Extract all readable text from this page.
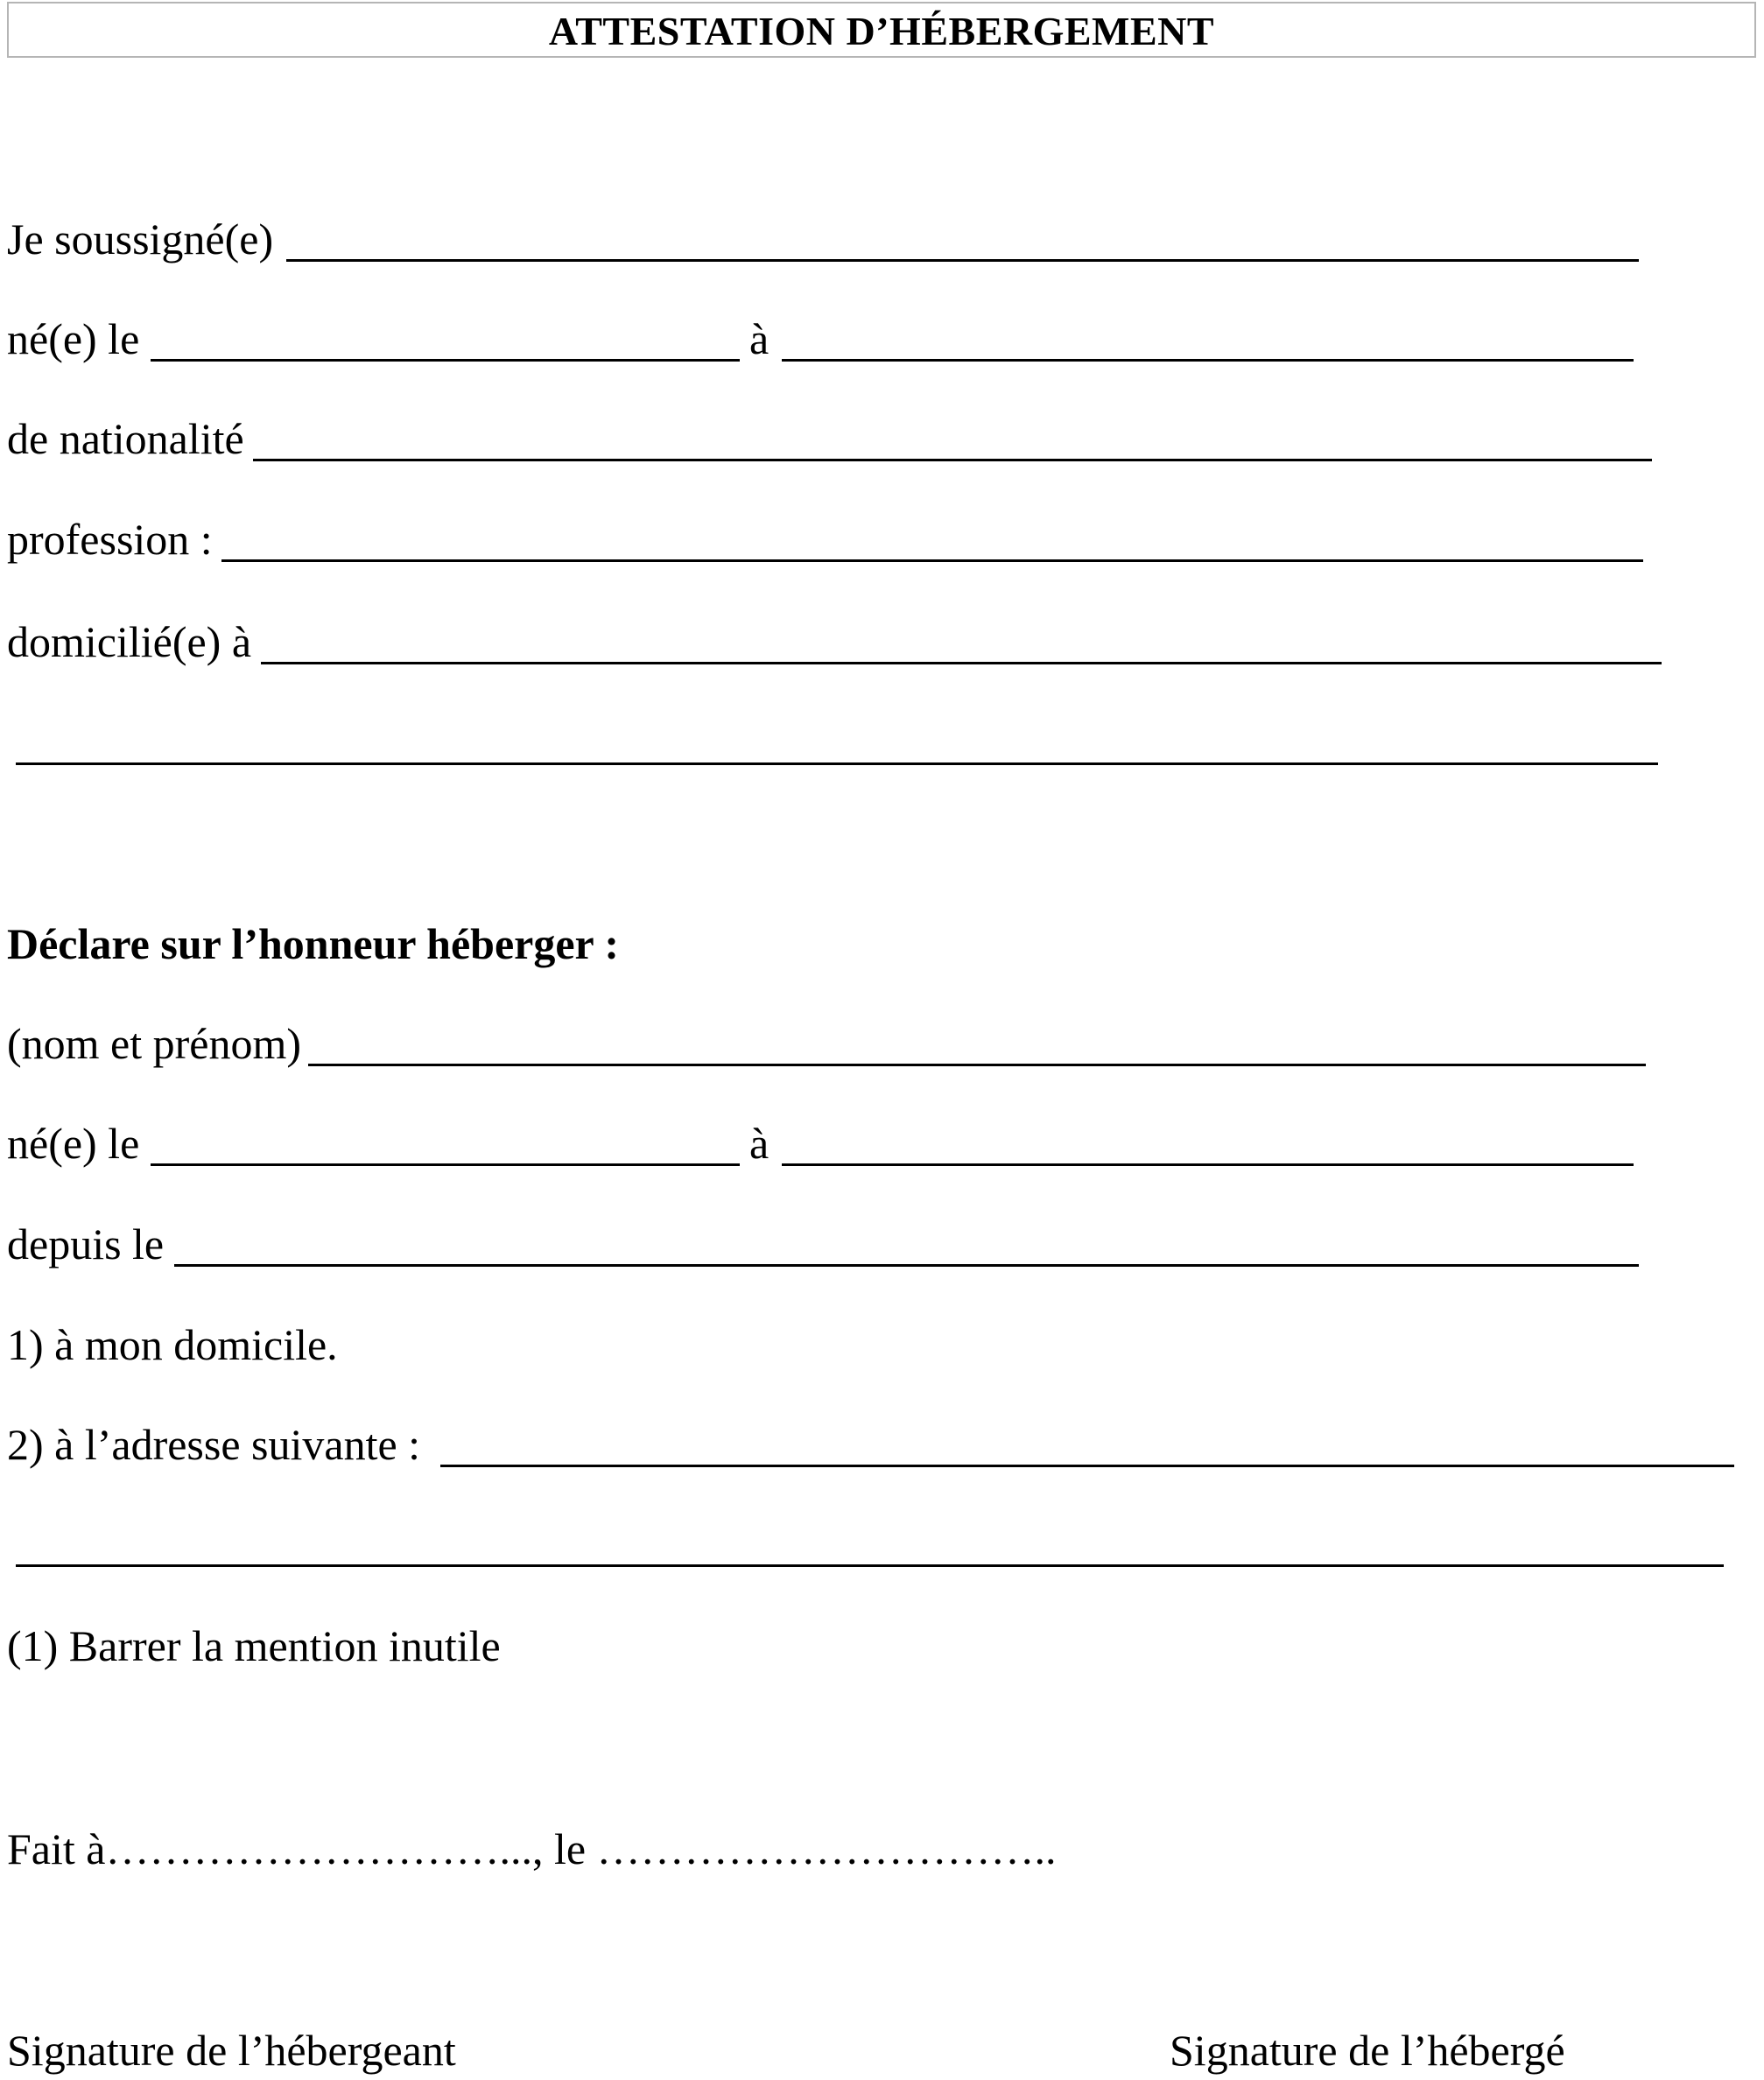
ATTESTATION D’HÉBERGEMENT
Je soussigné(e)
né(e) le	à
de nationalité
profession :
domicilié(e) à
Déclare sur l’honneur héberger :
(nom et prénom)
né(e) le	à
depuis le
1) à mon domicile.
2) à l’adresse suivante :
(1) Barrer la mention inutile
Fait à………………………..., le …………………………..
Signature de l’hébergeant	Signature de l’hébergé
